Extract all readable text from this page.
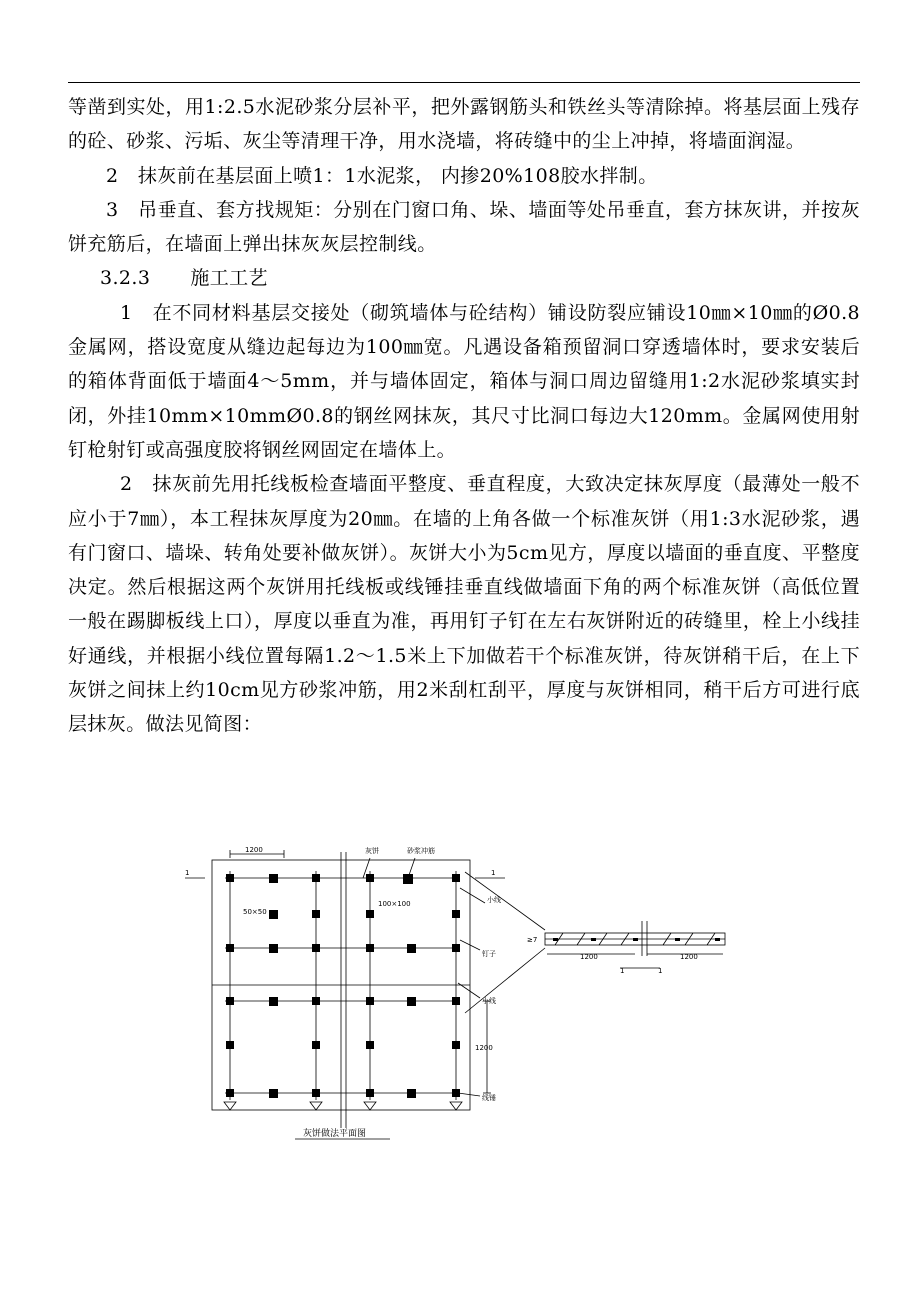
等凿到实处，用1:2.5水泥砂浆分层补平，把外露钢筋头和铁丝头等清除掉。将基层面上残存的砼、砂浆、污垢、灰尘等清理干净，用水浇墙，将砖缝中的尘上冲掉，将墙面润湿。

2　抹灰前在基层面上喷1：1水泥浆， 内掺20%108胶水拌制。

3　吊垂直、套方找规矩：分别在门窗口角、垛、墙面等处吊垂直，套方抹灰讲，并按灰饼充筋后，在墙面上弹出抹灰灰层控制线。

3.2.3 施工工艺

1　在不同材料基层交接处（砌筑墙体与砼结构）铺设防裂应铺设10㎜×10㎜的Ø0.8金属网，搭设宽度从缝边起每边为100㎜宽。凡遇设备箱预留洞口穿透墙体时，要求安装后的箱体背面低于墙面4～5mm，并与墙体固定，箱体与洞口周边留缝用1:2水泥砂浆填实封闭，外挂10mm×10mmØ0.8的钢丝网抹灰，其尺寸比洞口每边大120mm。金属网使用射钉枪射钉或高强度胶将钢丝网固定在墙体上。

2　抹灰前先用托线板检查墙面平整度、垂直程度，大致决定抹灰厚度（最薄处一般不应小于7㎜），本工程抹灰厚度为20㎜。在墙的上角各做一个标准灰饼（用1:3水泥砂浆，遇有门窗口、墙垛、转角处要补做灰饼）。灰饼大小为5cm见方，厚度以墙面的垂直度、平整度决定。然后根据这两个灰饼用托线板或线锤挂垂直线做墙面下角的两个标准灰饼（高低位置一般在踢脚板线上口），厚度以垂直为准，再用钉子钉在左右灰饼附近的砖缝里，栓上小线挂好通线，并根据小线位置每隔1.2～1.5米上下加做若干个标准灰饼，待灰饼稍干后，在上下灰饼之间抹上约10cm见方砂浆冲筋，用2米刮杠刮平，厚度与灰饼相同，稍干后方可进行底层抹灰。做法见简图：

1200
1200
灰饼	砂浆冲筋
小线
钉子
小线
线锤
50×50
100×100
1	1
1200	1200
≥7
1	1
灰饼做法平面图
